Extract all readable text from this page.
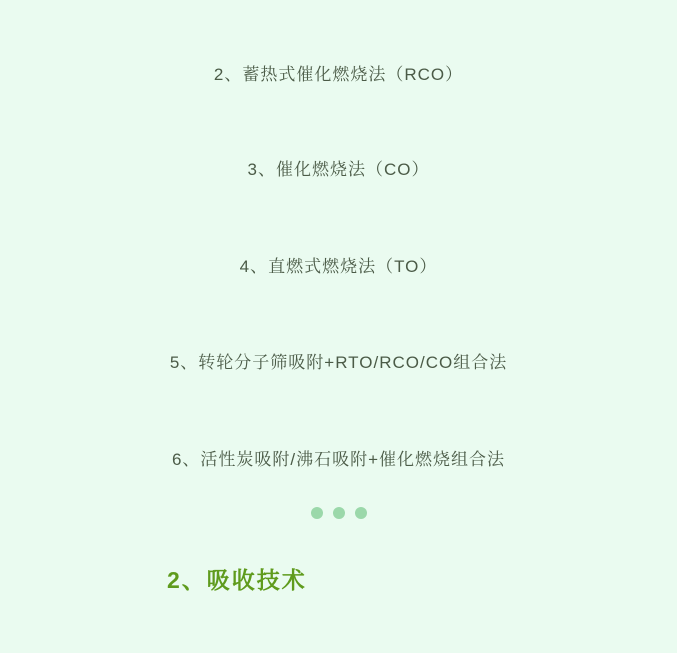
2、蓄热式催化燃烧法（RCO）
3、催化燃烧法（CO）
4、直燃式燃烧法（TO）
5、转轮分子筛吸附+RTO/RCO/CO组合法
6、活性炭吸附/沸石吸附+催化燃烧组合法
2、吸收技术
